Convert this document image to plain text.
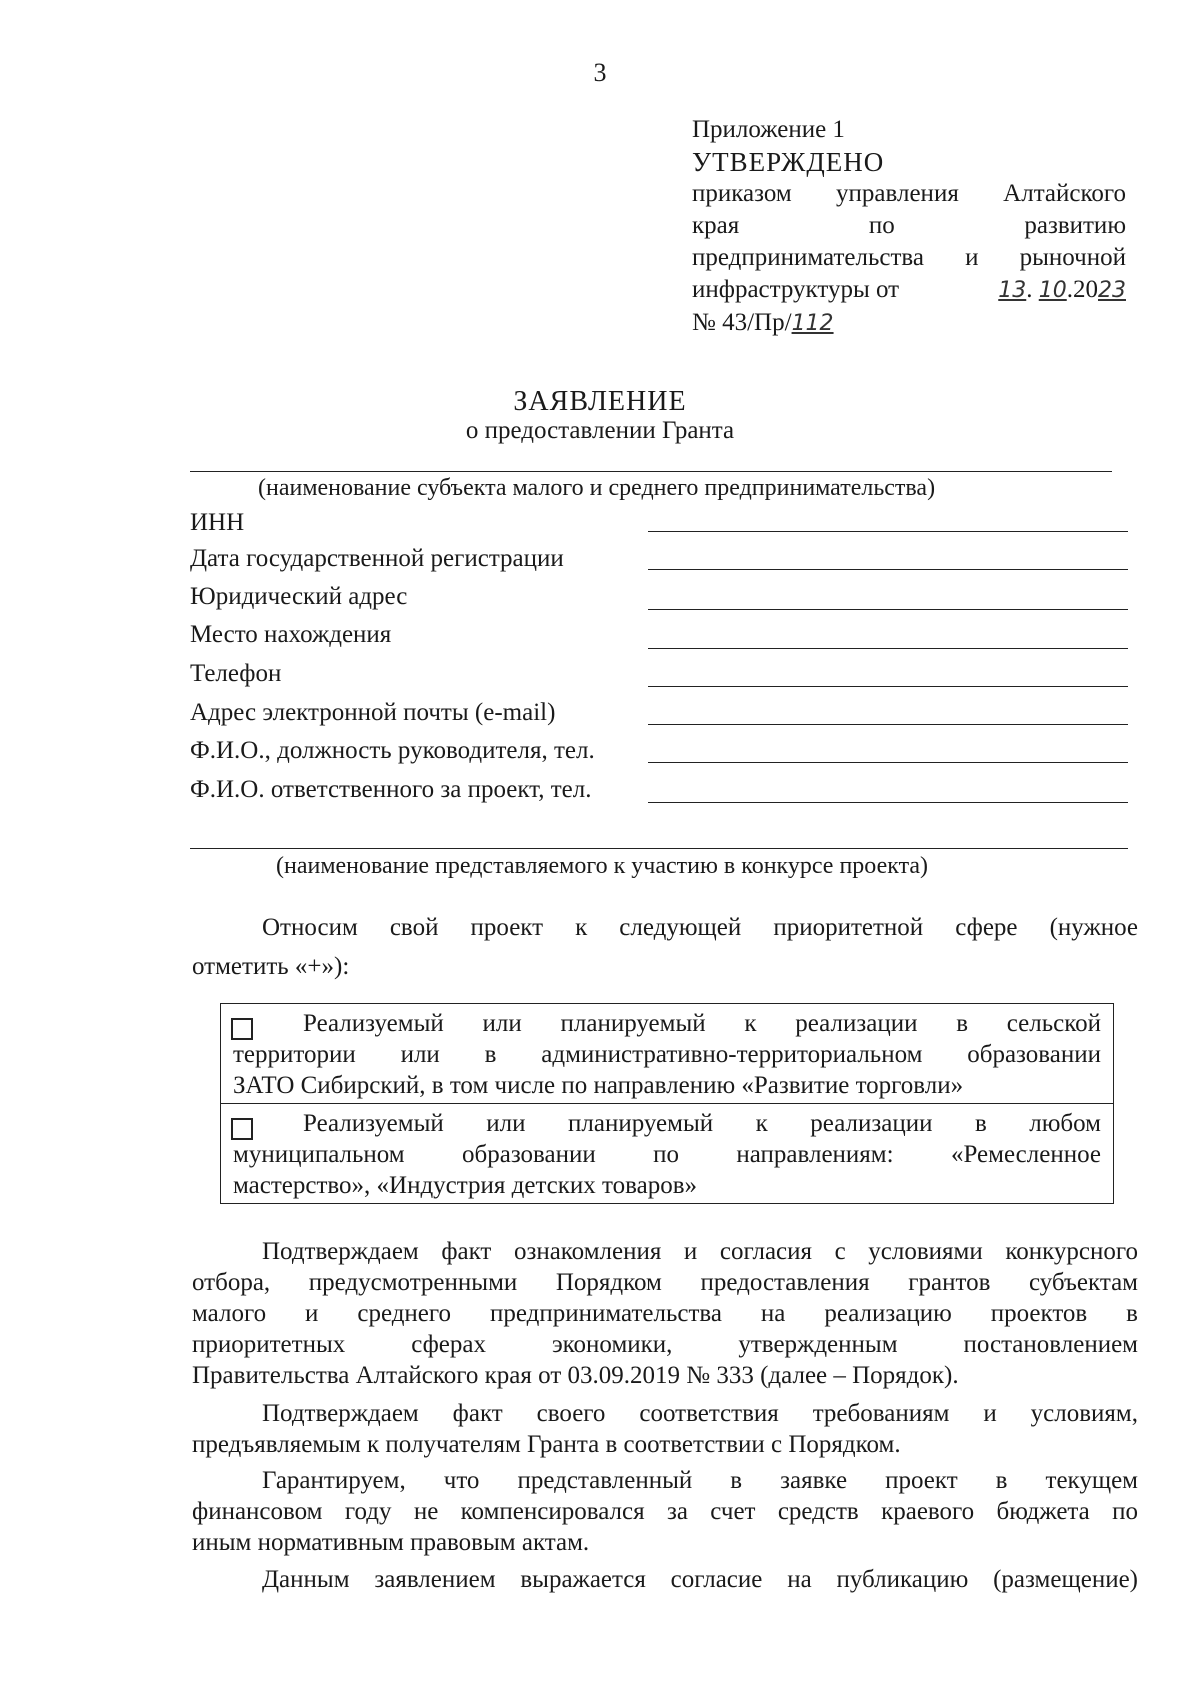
3
Приложение 1
УТВЕРЖДЕНО
приказом управления Алтайского
края по развитию
предпринимательства и рыночной
инфраструктуры от	13. 10.2023
№ 43/Пр/112
ЗАЯВЛЕНИЕ
о предоставлении Гранта
(наименование субъекта малого и среднего предпринимательства)
ИНН
Дата государственной регистрации
Юридический адрес
Место нахождения
Телефон
Адрес электронной почты (e-mail)
Ф.И.О., должность руководителя, тел.
Ф.И.О. ответственного за проект, тел.
(наименование представляемого к участию в конкурсе проекта)
Относим свой проект к следующей приоритетной сфере (нужное
отметить «+»):
Реализуемый или планируемый к реализации в сельской
территории или в административно-территориальном образовании
ЗАТО Сибирский, в том числе по направлению «Развитие торговли»
Реализуемый или планируемый к реализации в любом
муниципальном образовании по направлениям: «Ремесленное
мастерство», «Индустрия детских товаров»
Подтверждаем факт ознакомления и согласия с условиями конкурсного
отбора, предусмотренными Порядком предоставления грантов субъектам
малого и среднего предпринимательства на реализацию проектов в
приоритетных сферах экономики, утвержденным постановлением
Правительства Алтайского края от 03.09.2019 № 333 (далее – Порядок).
Подтверждаем факт своего соответствия требованиям и условиям,
предъявляемым к получателям Гранта в соответствии с Порядком.
Гарантируем, что представленный в заявке проект в текущем
финансовом году не компенсировался за счет средств краевого бюджета по
иным нормативным правовым актам.
Данным заявлением выражается согласие на публикацию (размещение)
